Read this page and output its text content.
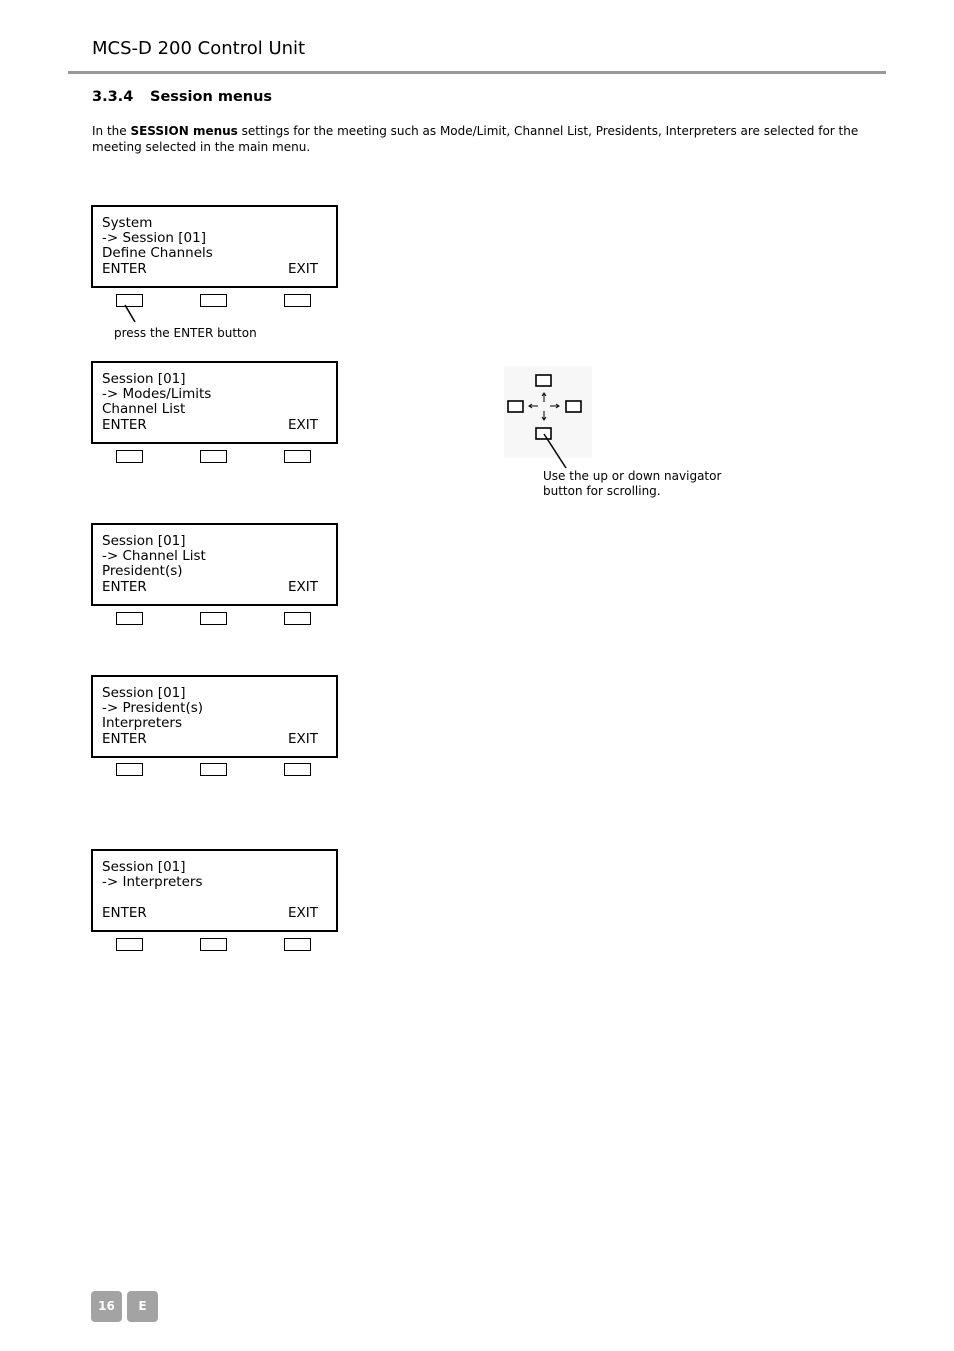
MCS-D 200 Control Unit
3.3.4 Session menus
In the SESSION menus settings for the meeting such as Mode/Limit, Channel List, Presidents, Interpreters are selected for the meeting selected in the main menu.
System
-> Session [01]
Define Channels
ENTER	EXIT
press the ENTER button
Session [01]
-> Modes/Limits
Channel List
ENTER	EXIT
Use the up or down navigator
button for scrolling.
Session [01]
-> Channel List
President(s)
ENTER	EXIT
Session [01]
-> President(s)
Interpreters
ENTER	EXIT
Session [01]
-> Interpreters
ENTER	EXIT
16	E
